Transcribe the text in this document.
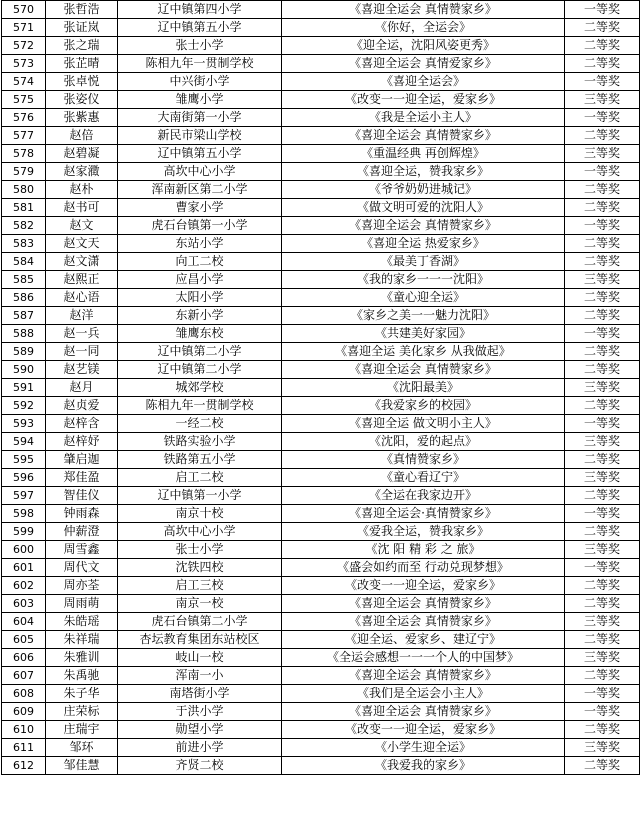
570	张哲浩	辽中镇第四小学	《喜迎全运会 真情赞家乡》	一等奖
571	张证岚	辽中镇第五小学	《你好，全运会》	二等奖
572	张之瑞	张士小学	《迎全运，沈阳风姿更秀》	二等奖
573	张芷晴	陈相九年一贯制学校	《喜迎全运会 真情爱家乡》	二等奖
574	张卓悦	中兴街小学	《喜迎全运会》	一等奖
575	张姿仪	雏鹰小学	《改变一一迎全运，爱家乡》	三等奖
576	张紫惠	大南街第一小学	《我是全运小主人》	一等奖
577	赵倍	新民市梁山学校	《喜迎全运会 真情赞家乡》	二等奖
578	赵碧凝	辽中镇第五小学	《重温经典 再创辉煌》	三等奖
579	赵家瀓	高坎中心小学	《喜迎全运，赞我家乡》	一等奖
580	赵朴	浑南新区第二小学	《爷爷奶奶进城记》	二等奖
581	赵书可	曹家小学	《做文明可爱的沈阳人》	二等奖
582	赵文	虎石台镇第一小学	《喜迎全运会 真情赞家乡》	一等奖
583	赵文天	东站小学	《喜迎全运 热爱家乡》	二等奖
584	赵文潇	向工二校	《最美丁香湖》	二等奖
585	赵熙正	应昌小学	《我的家乡一一一沈阳》	三等奖
586	赵心语	太阳小学	《童心迎全运》	二等奖
587	赵洋	东新小学	《家乡之美一一魅力沈阳》	二等奖
588	赵一兵	雏鹰东校	《共建美好家园》	一等奖
589	赵一同	辽中镇第二小学	《喜迎全运 美化家乡 从我做起》	二等奖
590	赵艺镁	辽中镇第二小学	《喜迎全运会 真情赞家乡》	二等奖
591	赵月	城郊学校	《沈阳最美》	三等奖
592	赵贞爱	陈相九年一贯制学校	《我爱家乡的校园》	二等奖
593	赵梓含	一经二校	《喜迎全运 做文明小主人》	一等奖
594	赵梓妤	铁路实验小学	《沈阳，爱的起点》	三等奖
595	肇启迦	铁路第五小学	《真情赞家乡》	二等奖
596	郑佳盈	启工二校	《童心看辽宁》	三等奖
597	智佳仪	辽中镇第一小学	《全运在我家边开》	二等奖
598	钟雨森	南京十校	《喜迎全运会·真情赞家乡》	一等奖
599	仲薪澄	高坎中心小学	《爱我全运，赞我家乡》	二等奖
600	周雪鑫	张士小学	《沈 阳 精 彩 之 旅》	三等奖
601	周代文	沈铁四校	《盛会如约而至 行动兑现梦想》	一等奖
602	周亦荃	启工三校	《改变一一迎全运，爱家乡》	二等奖
603	周雨萌	南京一校	《喜迎全运会 真情赞家乡》	二等奖
604	朱皓瑶	虎石台镇第二小学	《喜迎全运会 真情赞家乡》	三等奖
605	朱祥瑞	杏坛教育集团东站校区	《迎全运、爱家乡、建辽宁》	二等奖
606	朱雅训	岐山一校	《全运会感想一一一个人的中国梦》	三等奖
607	朱禹驰	浑南一小	《喜迎全运会 真情赞家乡》	二等奖
608	朱子华	南塔街小学	《我们是全运会小主人》	一等奖
609	庄荣标	于洪小学	《喜迎全运会 真情赞家乡》	一等奖
610	庄瑞宇	勋望小学	《改变一一迎全运，爱家乡》	二等奖
611	邹环	前进小学	《小学生迎全运》	三等奖
612	邹佳慧	齐贤二校	《我爱我的家乡》	二等奖
